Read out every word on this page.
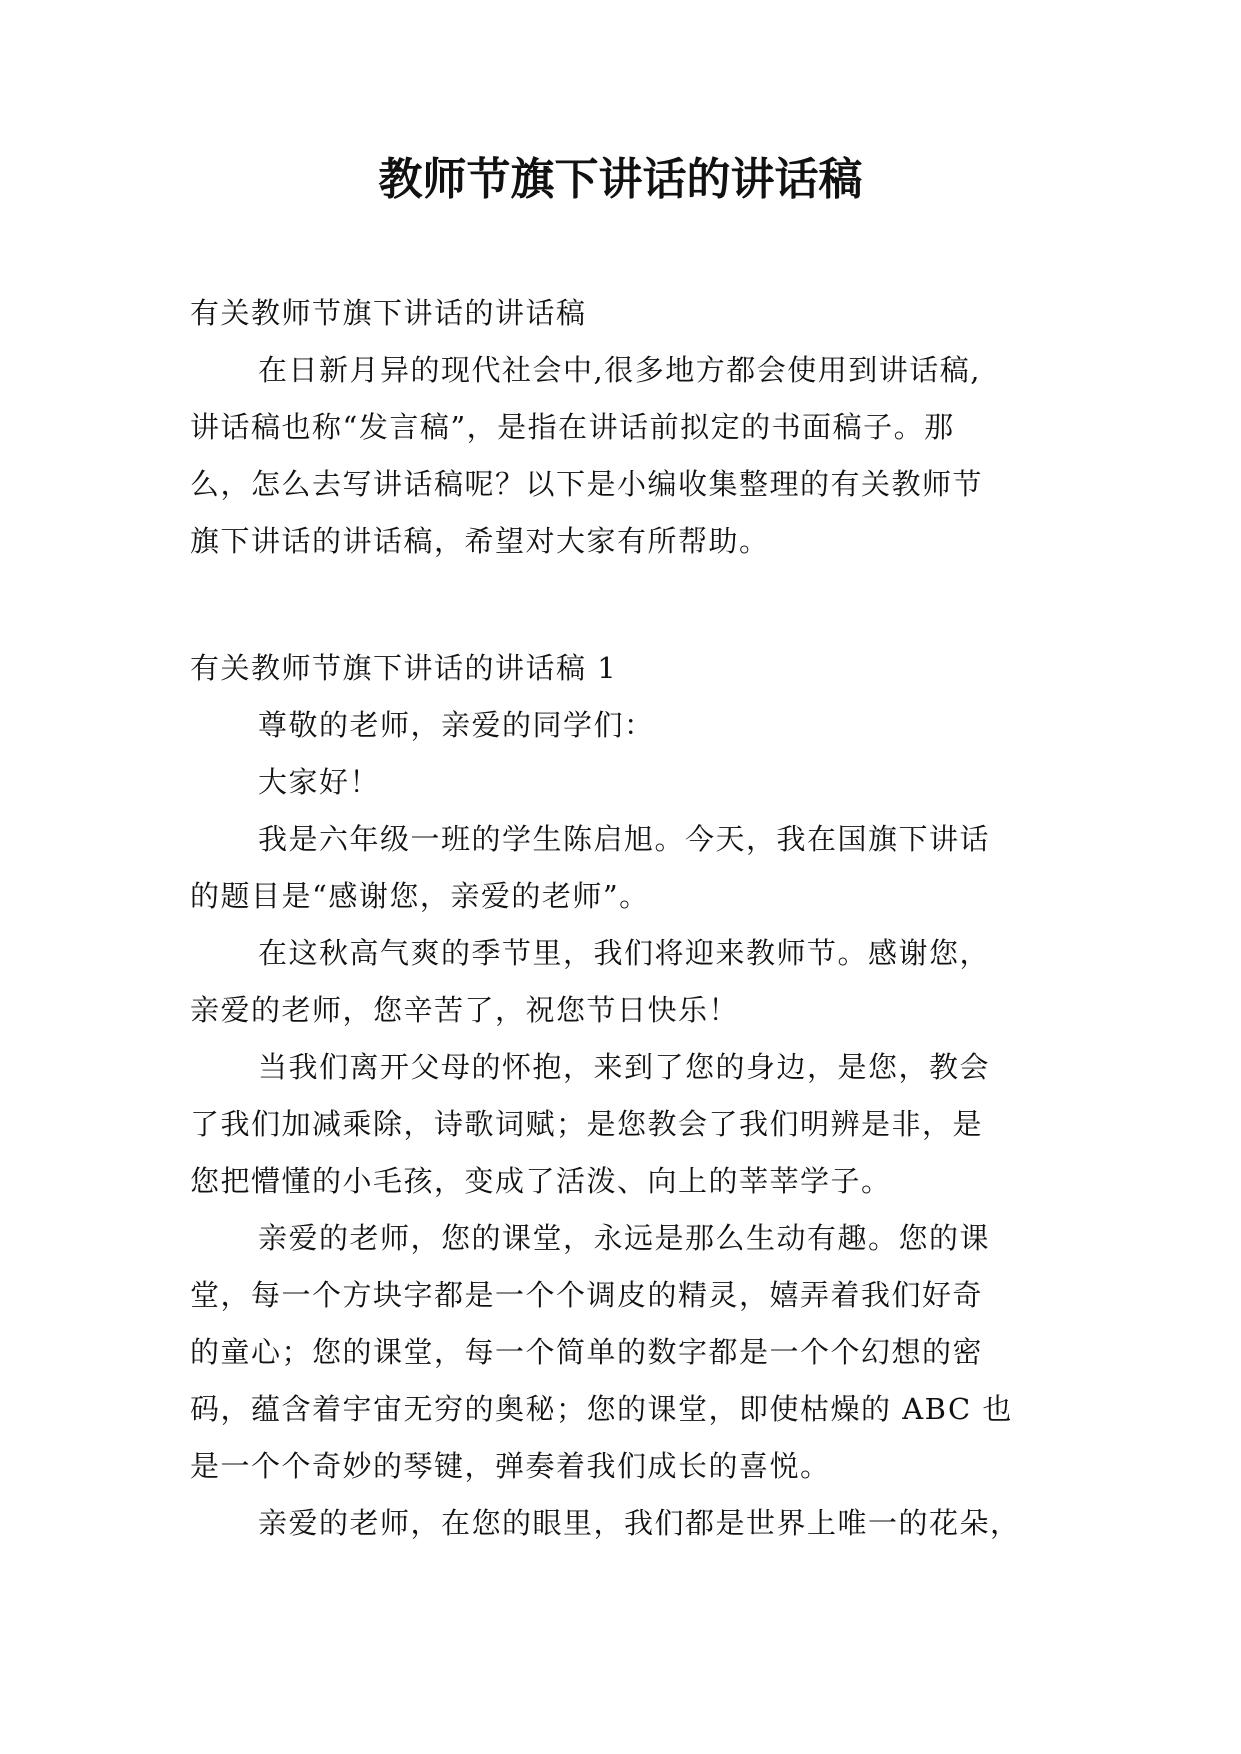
教师节旗下讲话的讲话稿
有关教师节旗下讲话的讲话稿
在日新月异的现代社会中,很多地方都会使用到讲话稿,
讲话稿也称“发言稿”，是指在讲话前拟定的书面稿子。那
么，怎么去写讲话稿呢？以下是小编收集整理的有关教师节
旗下讲话的讲话稿，希望对大家有所帮助。
有关教师节旗下讲话的讲话稿 1
尊敬的老师，亲爱的同学们：
大家好！
我是六年级一班的学生陈启旭。今天，我在国旗下讲话
的题目是“感谢您，亲爱的老师”。
在这秋高气爽的季节里，我们将迎来教师节。感谢您，
亲爱的老师，您辛苦了，祝您节日快乐！
当我们离开父母的怀抱，来到了您的身边，是您，教会
了我们加减乘除，诗歌词赋；是您教会了我们明辨是非，是
您把懵懂的小毛孩，变成了活泼、向上的莘莘学子。
亲爱的老师，您的课堂，永远是那么生动有趣。您的课
堂，每一个方块字都是一个个调皮的精灵，嬉弄着我们好奇
的童心；您的课堂，每一个简单的数字都是一个个幻想的密
码，蕴含着宇宙无穷的奥秘；您的课堂，即使枯燥的 ABC 也
是一个个奇妙的琴键，弹奏着我们成长的喜悦。
亲爱的老师，在您的眼里，我们都是世界上唯一的花朵，
